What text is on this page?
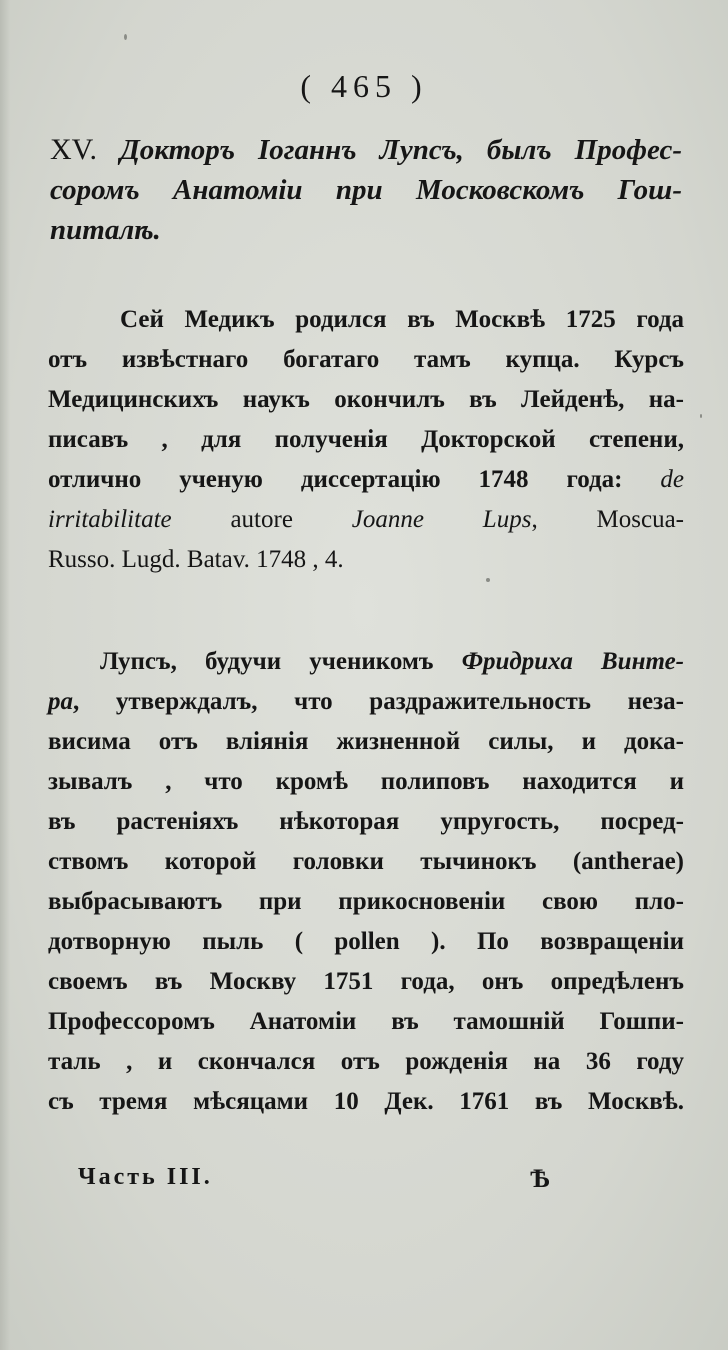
( 465 )
XV. Докторъ Іоганнъ Лупсъ, былъ Профес-
соромъ Анатоміи при Московскомъ Гош-
питалѣ.
Сей Медикъ родился въ Москвѣ 1725 года
отъ извѣстнаго богатаго тамъ купца. Курсъ
Медицинскихъ наукъ окончилъ въ Лейденѣ, на-
писавъ , для полученія Докторской степени,
отлично ученую диссертацію 1748 года: de
irritabilitate autore Joanne Lups, Moscua-
Russo. Lugd. Batav. 1748 , 4.
Лупсъ, будучи ученикомъ Фридриха Винте-
ра, утверждалъ, что раздражительность неза-
висима отъ вліянія жизненной силы, и дока-
зывалъ , что кромѣ полиповъ находится и
въ растеніяхъ нѣкоторая упругость, посред-
ствомъ которой головки тычинокъ (antherae)
выбрасываютъ при прикосновеніи свою пло-
дотворную пыль ( pollen ). По возвращеніи
своемъ въ Москву 1751 года, онъ опредѣленъ
Профессоромъ Анатоміи въ тамошній Гошпи-
таль , и скончался отъ рожденія на 36 году
съ тремя мѣсяцами 10 Дек. 1761 въ Москвѣ.
Часть III.	Ѣ
